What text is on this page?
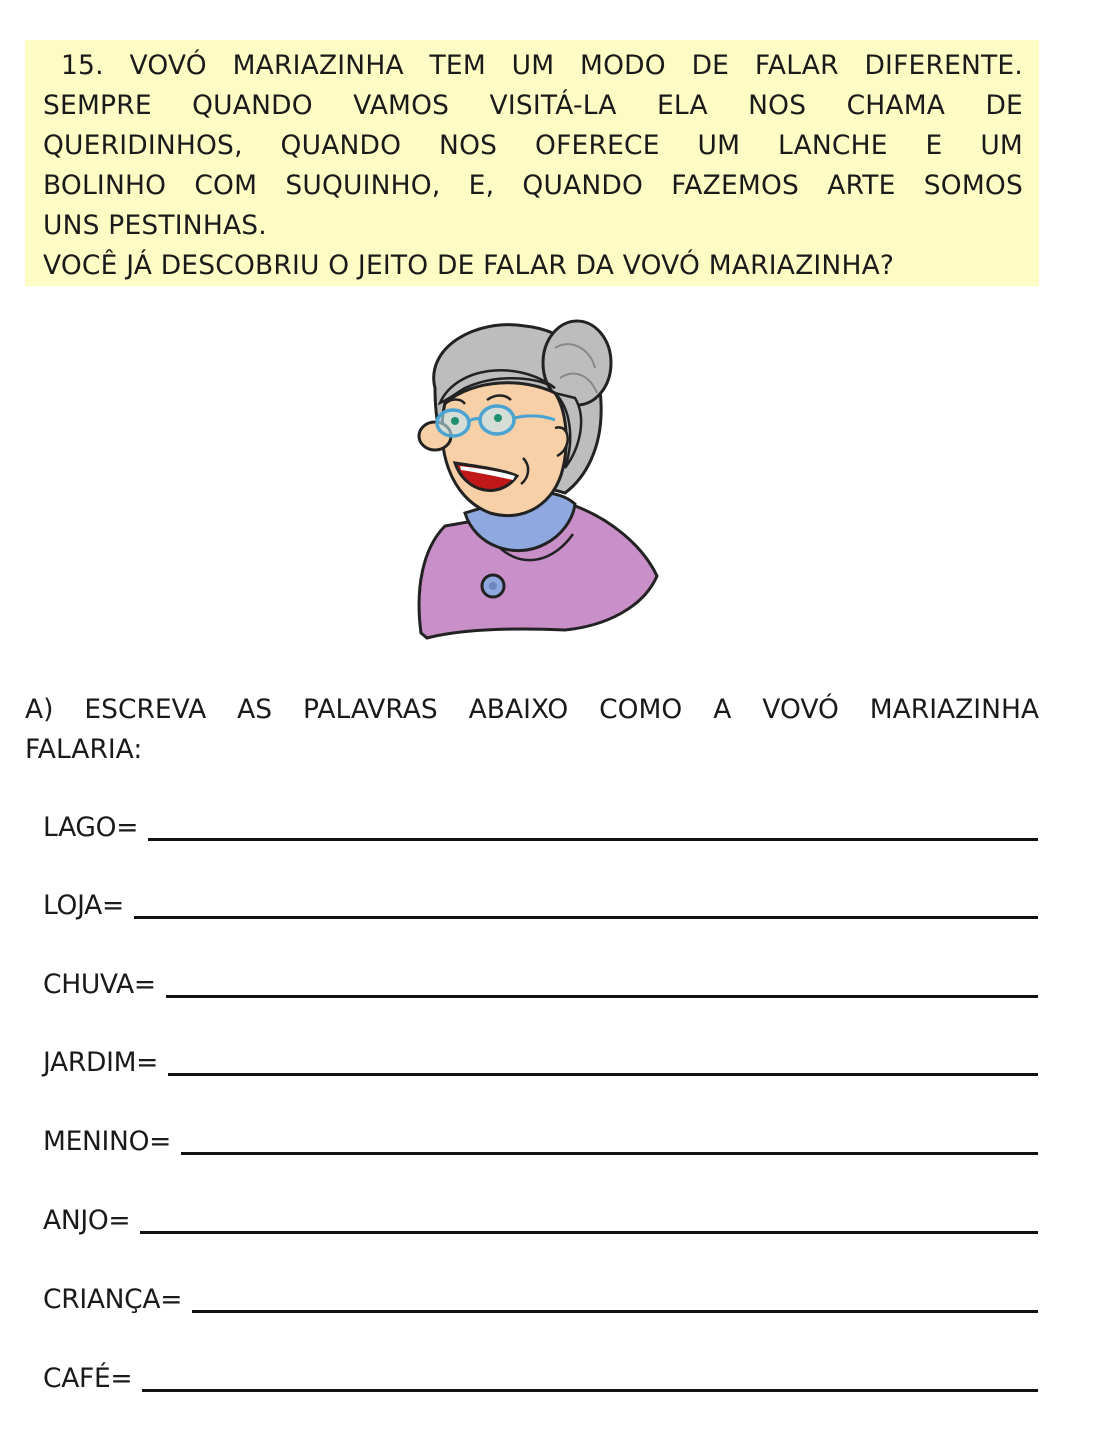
15. VOVÓ MARIAZINHA TEM UM MODO DE FALAR DIFERENTE.
SEMPRE QUANDO VAMOS VISITÁ-LA ELA NOS CHAMA DE
QUERIDINHOS, QUANDO NOS OFERECE UM LANCHE E UM
BOLINHO COM SUQUINHO, E, QUANDO FAZEMOS ARTE SOMOS
UNS PESTINHAS.
VOCÊ JÁ DESCOBRIU O JEITO DE FALAR DA VOVÓ MARIAZINHA?
A) ESCREVA AS PALAVRAS ABAIXO COMO A VOVÓ MARIAZINHA
FALARIA:
LAGO=
LOJA=
CHUVA=
JARDIM=
MENINO=
ANJO=
CRIANÇA=
CAFÉ=
